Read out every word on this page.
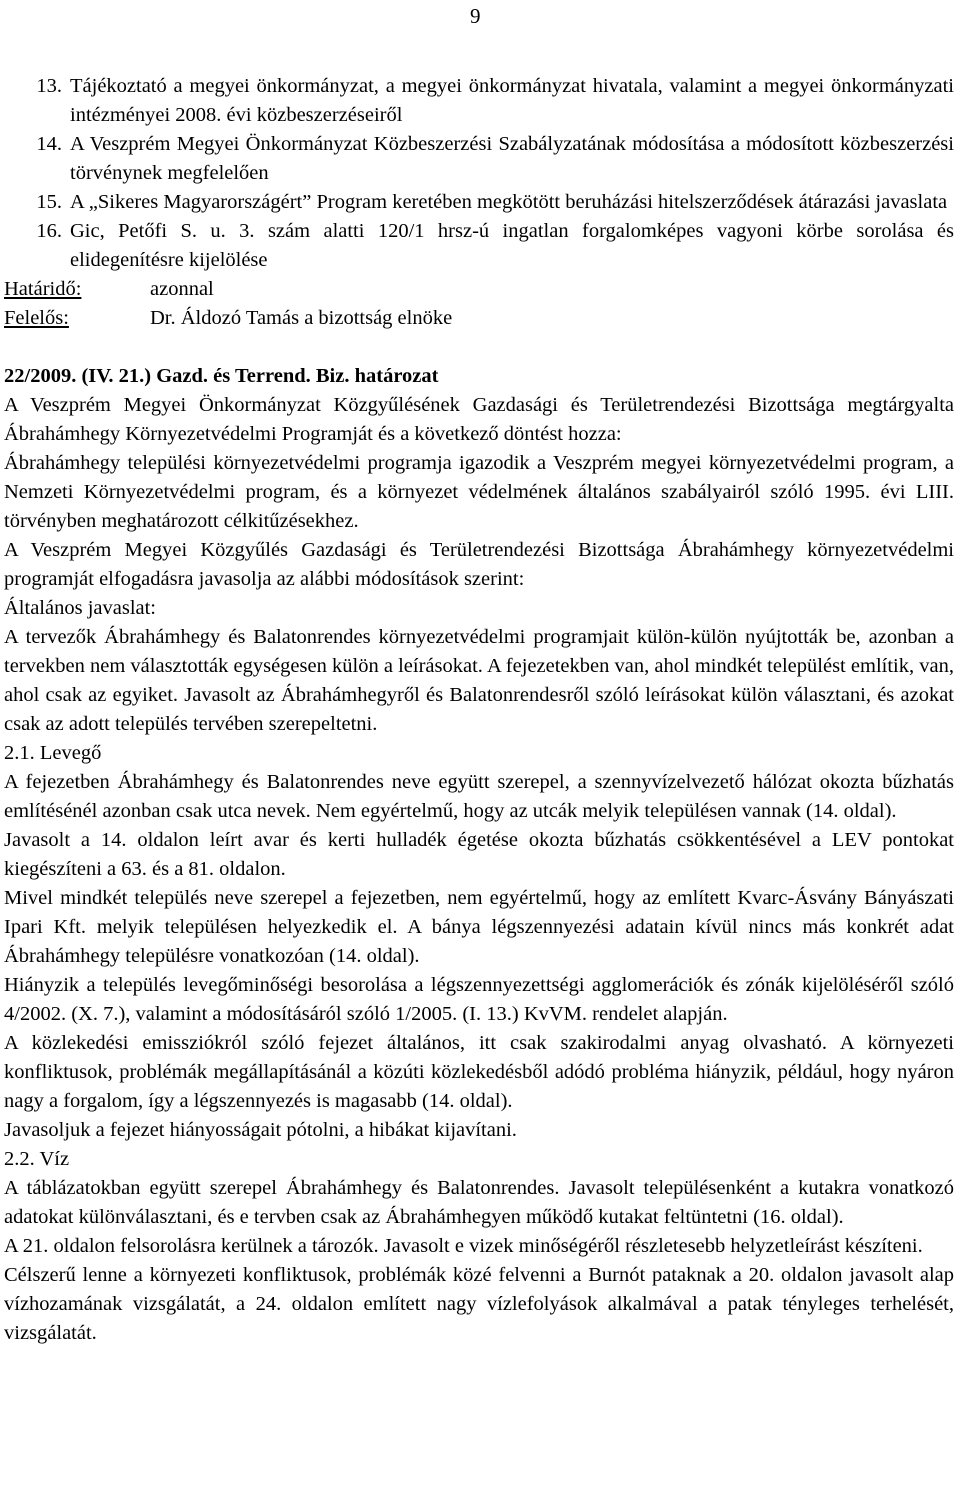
9
13. Tájékoztató a megyei önkormányzat, a megyei önkormányzat hivatala, valamint a megyei önkormányzati intézményei 2008. évi közbeszerzéseiről
14. A Veszprém Megyei Önkormányzat Közbeszerzési Szabályzatának módosítása a módosított közbeszerzési törvénynek megfelelően
15. A „Sikeres Magyarországért” Program keretében megkötött beruházási hitelszerződések átárazási javaslata
16. Gic, Petőfi S. u. 3. szám alatti 120/1 hrsz-ú ingatlan forgalomképes vagyoni körbe sorolása és elidegenítésre kijelölése
Határidő:	azonnal
Felelős:	Dr. Áldozó Tamás a bizottság elnöke

22/2009. (IV. 21.) Gazd. és Terrend. Biz. határozat

A Veszprém Megyei Önkormányzat Közgyűlésének Gazdasági és Területrendezési Bizottsága megtárgyalta Ábrahámhegy Környezetvédelmi Programját és a következő döntést hozza:

Ábrahámhegy települési környezetvédelmi programja igazodik a Veszprém megyei környezetvédelmi program, a Nemzeti Környezetvédelmi program, és a környezet védelmének általános szabályairól szóló 1995. évi LIII. törvényben meghatározott célkitűzésekhez.

A Veszprém Megyei Közgyűlés Gazdasági és Területrendezési Bizottsága Ábrahámhegy környezetvédelmi programját elfogadásra javasolja az alábbi módosítások szerint:

Általános javaslat:

A tervezők Ábrahámhegy és Balatonrendes környezetvédelmi programjait külön-külön nyújtották be, azonban a tervekben nem választották egységesen külön a leírásokat. A fejezetekben van, ahol mindkét települést említik, van, ahol csak az egyiket. Javasolt az Ábrahámhegyről és Balatonrendesről szóló leírásokat külön választani, és azokat csak az adott település tervében szerepeltetni.

2.1. Levegő

A fejezetben Ábrahámhegy és Balatonrendes neve együtt szerepel, a szennyvízelvezető hálózat okozta bűzhatás említésénél azonban csak utca nevek. Nem egyértelmű, hogy az utcák melyik településen vannak (14. oldal).

Javasolt a 14. oldalon leírt avar és kerti hulladék égetése okozta bűzhatás csökkentésével a LEV pontokat kiegészíteni a 63. és a 81. oldalon.

Mivel mindkét település neve szerepel a fejezetben, nem egyértelmű, hogy az említett Kvarc-Ásvány Bányászati Ipari Kft. melyik településen helyezkedik el. A bánya légszennyezési adatain kívül nincs más konkrét adat Ábrahámhegy településre vonatkozóan (14. oldal).

Hiányzik a település levegőminőségi besorolása a légszennyezettségi agglomerációk és zónák kijelöléséről szóló 4/2002. (X. 7.), valamint a módosításáról szóló 1/2005. (I. 13.) KvVM. rendelet alapján.

A közlekedési emissziókról szóló fejezet általános, itt csak szakirodalmi anyag olvasható. A környezeti konfliktusok, problémák megállapításánál a közúti közlekedésből adódó probléma hiányzik, például, hogy nyáron nagy a forgalom, így a légszennyezés is magasabb (14. oldal).

Javasoljuk a fejezet hiányosságait pótolni, a hibákat kijavítani.

2.2. Víz

A táblázatokban együtt szerepel Ábrahámhegy és Balatonrendes. Javasolt településenként a kutakra vonatkozó adatokat különválasztani, és e tervben csak az Ábrahámhegyen működő kutakat feltüntetni (16. oldal).

A 21. oldalon felsorolásra kerülnek a tározók. Javasolt e vizek minőségéről részletesebb helyzetleírást készíteni.

Célszerű lenne a környezeti konfliktusok, problémák közé felvenni a Burnót pataknak a 20. oldalon javasolt alap vízhozamának vizsgálatát, a 24. oldalon említett nagy vízlefolyások alkalmával a patak tényleges terhelését, vizsgálatát.
